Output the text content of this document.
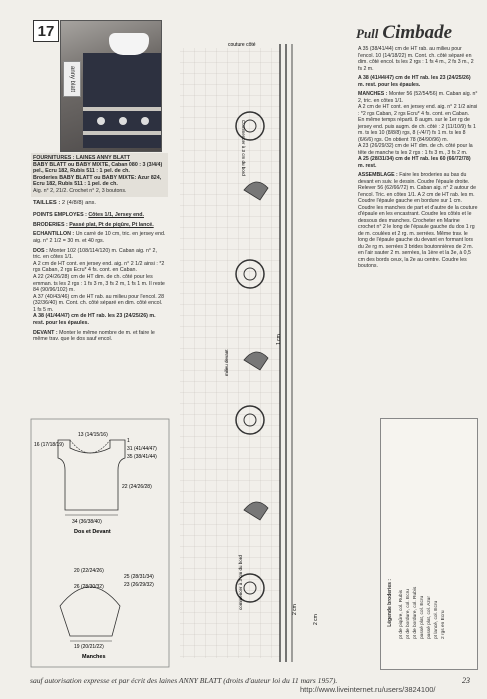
17
anny blatt

FOURNITURES : LAINES ANNY BLATT
BABY BLATT ou BABY MIXTE, Caban 080 : 3 (3/4/4) pel., Ecru 182, Rubis 511 : 1 pel. de ch.
Broderies BABY BLATT ou BABY MIXTE: Azur 824, Ecru 182, Rubis 511 : 1 pel. de ch.
Aig. n° 2, 21/2. Crochet n° 2, 3 boutons.

TAILLES : 2 (4/8/8) ans.

POINTS EMPLOYES : Côtes 1/1, Jersey end.

BRODERIES : Passé plat, Pt de piqûre, Pt lancé.

ECHANTILLON : Un carré de 10 cm, tric. en jersey end. aig. n° 2 1/2 = 30 m. et 40 rgs.

DOS : Monter 102 (108/114/120) m. Caban aig. n° 2, tric. en côtes 1/1.
A 2 cm de HT cont. en jersey end. aig. n° 2 1/2 ainsi : *2 rgs Caban, 2 rgs Ecru* 4 fs. cont. en Caban.
A 22 (24/26/28) cm de HT dim. de ch. côté pour les emman. ts les 2 rgs : 1 fs 3 m, 3 fs 2 m, 1 fs 1 m. Il reste 84 (90/96/102) m.
A 37 (40/43/46) cm de HT rab. au milieu pour l'encol. 28 (32/36/40) m. Cont. ch. côté séparé en dim. côté encol. 1 fs 5 m.
A 38 (41/44/47) cm de HT rab. les 23 (24/25/26) m. rest. pour les épaules.

DEVANT : Monter le même nombre de m. et faire le même trav. que le dos sauf encol.

13 (14/15/16)
16 (17/18/19)
1
31 (41/44/47)
35 (38/41/44)
22 (24/26/28)
34 (36/38/40)
Dos et Devant
20 (22/24/26)
26 (28/30/32)
25 (28/31/34)
23 (26/29/32)
19 (20/21/22)
Manches
couture côté
Commencer à 3 cm du bord
commencer à 3 cm du bord
milieu devant
1 cm
2 cm
2 cm
Pull Cimbade

A 35 (38/41/44) cm de HT rab. au milieu pour l'encol. 10 (14/18/22) m. Cont. ch. côté séparé en dim. côté encol. ts les 2 rgs : 1 fs 4 m., 2 fs 3 m., 2 fs 2 m.

A 38 (41/44/47) cm de HT rab. les 23 (24/25/26) m. rest. pour les épaules.

MANCHES : Monter 56 (52/54/56) m. Caban aig. n° 2, tric. en côtes 1/1.
A 2 cm de HT cont. en jersey end. aig. n° 2 1/2 ainsi : *2 rgs Caban, 2 rgs Ecru* 4 fs. cont. en Caban.
En même temps réparti. 8 augm. sur le 1er rg de jersey end. puis augm. de ch. côté : 2 (11/10/9) fs 1 m. ts les 10 (8/8/8) rgs, 8 (-/4/7) fs 1 m. ts les 8 (6/6/6) rgs. On obtient 78 (84/90/96) m.
A 23 (26/29/32) cm de HT dim. de ch. côté pour la tête de manche ts les 2 rgs : 1 fs 3 m., 3 fs 2 m.
A 25 (28/31/34) cm de HT rab. les 60 (66/72/78) m. rest.

ASSEMBLAGE : Faire les broderies au bas du devant en suiv. le dessin. Coudre l'épaule droite. Relever 56 (62/66/72) m. Caban aig. n° 2 autour de l'encol. Tric. en côtes 1/1. A 2 cm de HT rab. les m. Coudre l'épaule gauche en bordure sur 1 cm. Coudre les manches de part et d'autre de la couture d'épaule en les encastrant. Coudre les côtés et le dessous des manches. Crocheter en Marine crochet n° 2 le long de l'épaule gauche du dos 1 rg de m. coulées et 2 rg. m. serrées. Même trav. le long de l'épaule gauche du devant en formant lors du 2e rg m. serrées 3 brides boutonnières de 2 m. en l'air sauter 2 m. serrées, la 1ère et la 3e, à 0,5 cm des bords ceux, la 2e au centre. Coudre les boutons.

Légende broderies : pt de piqûre, col. Rubis pt de bordure, col. Ecru pt de bordure, col. Rubis passé plat, col. Ecru passé plat, col. Azur pt lancé, col. Ecru 2 rgs en Ecru
sauf autorisation expresse et par écrit des laines ANNY BLATT (droits d'auteur loi du 11 mars 1957).	23
http://www.liveinternet.ru/users/3824100/
